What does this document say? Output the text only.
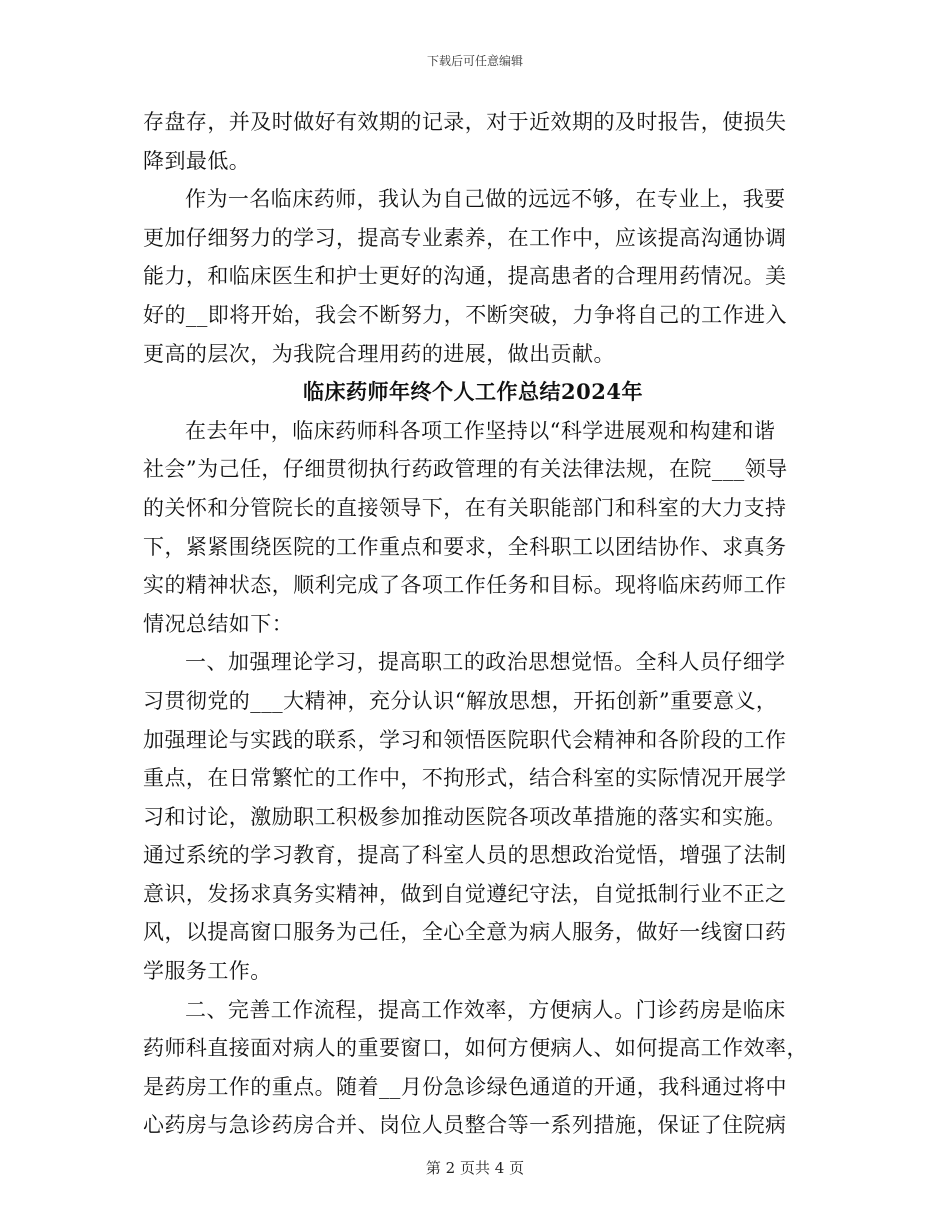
下载后可任意编辑
存盘存，并及时做好有效期的记录，对于近效期的及时报告，使损失
降到最低。
作为一名临床药师，我认为自己做的远远不够，在专业上，我要
更加仔细努力的学习，提高专业素养，在工作中，应该提高沟通协调
能力，和临床医生和护士更好的沟通，提高患者的合理用药情况。美
好的__即将开始，我会不断努力，不断突破，力争将自己的工作进入
更高的层次，为我院合理用药的进展，做出贡献。
临床药师年终个人工作总结2024年
在去年中，临床药师科各项工作坚持以“科学进展观和构建和谐
社会”为己任，仔细贯彻执行药政管理的有关法律法规，在院___领导
的关怀和分管院长的直接领导下，在有关职能部门和科室的大力支持
下，紧紧围绕医院的工作重点和要求，全科职工以团结协作、求真务
实的精神状态，顺利完成了各项工作任务和目标。现将临床药师工作
情况总结如下：
一、加强理论学习，提高职工的政治思想觉悟。全科人员仔细学
习贯彻党的___大精神，充分认识“解放思想，开拓创新”重要意义，
加强理论与实践的联系，学习和领悟医院职代会精神和各阶段的工作
重点，在日常繁忙的工作中，不拘形式，结合科室的实际情况开展学
习和讨论，激励职工积极参加推动医院各项改革措施的落实和实施。
通过系统的学习教育，提高了科室人员的思想政治觉悟，增强了法制
意识，发扬求真务实精神，做到自觉遵纪守法，自觉抵制行业不正之
风，以提高窗口服务为己任，全心全意为病人服务，做好一线窗口药
学服务工作。
二、完善工作流程，提高工作效率，方便病人。门诊药房是临床
药师科直接面对病人的重要窗口，如何方便病人、如何提高工作效率，
是药房工作的重点。随着__月份急诊绿色通道的开通，我科通过将中
心药房与急诊药房合并、岗位人员整合等一系列措施，保证了住院病
第 2 页共 4 页
